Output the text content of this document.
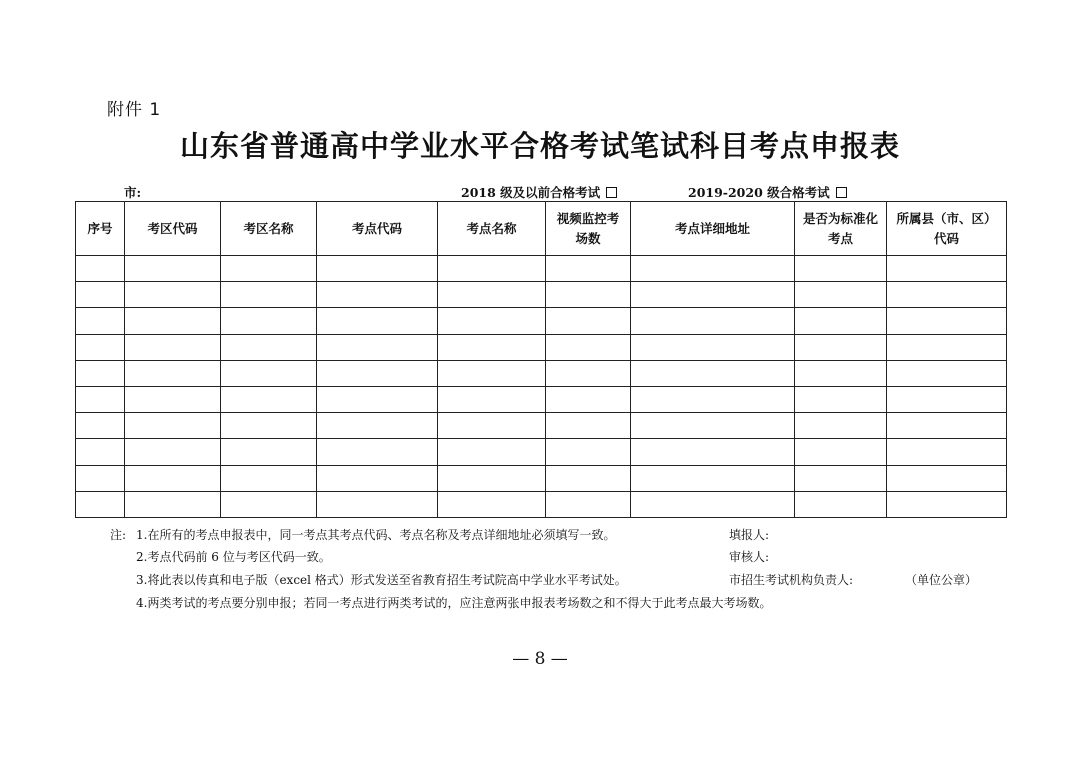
附件 1
山东省普通高中学业水平合格考试笔试科目考点申报表
市:	2018 级及以前合格考试	2019-2020 级合格考试
序号	考区代码	考区名称	考点代码	考点名称	视频监控考场数	考点详细地址	是否为标准化考点	所属县（市、区）代码

注: 1.在所有的考点申报表中，同一考点其考点代码、考点名称及考点详细地址必须填写一致。
2.考点代码前 6 位与考区代码一致。
3.将此表以传真和电子版（excel 格式）形式发送至省教育招生考试院高中学业水平考试处。
4.两类考试的考点要分别申报；若同一考点进行两类考试的，应注意两张申报表考场数之和不得大于此考点最大考场数。
填报人:
审核人:
市招生考试机构负责人:	（单位公章）
— 8 —
